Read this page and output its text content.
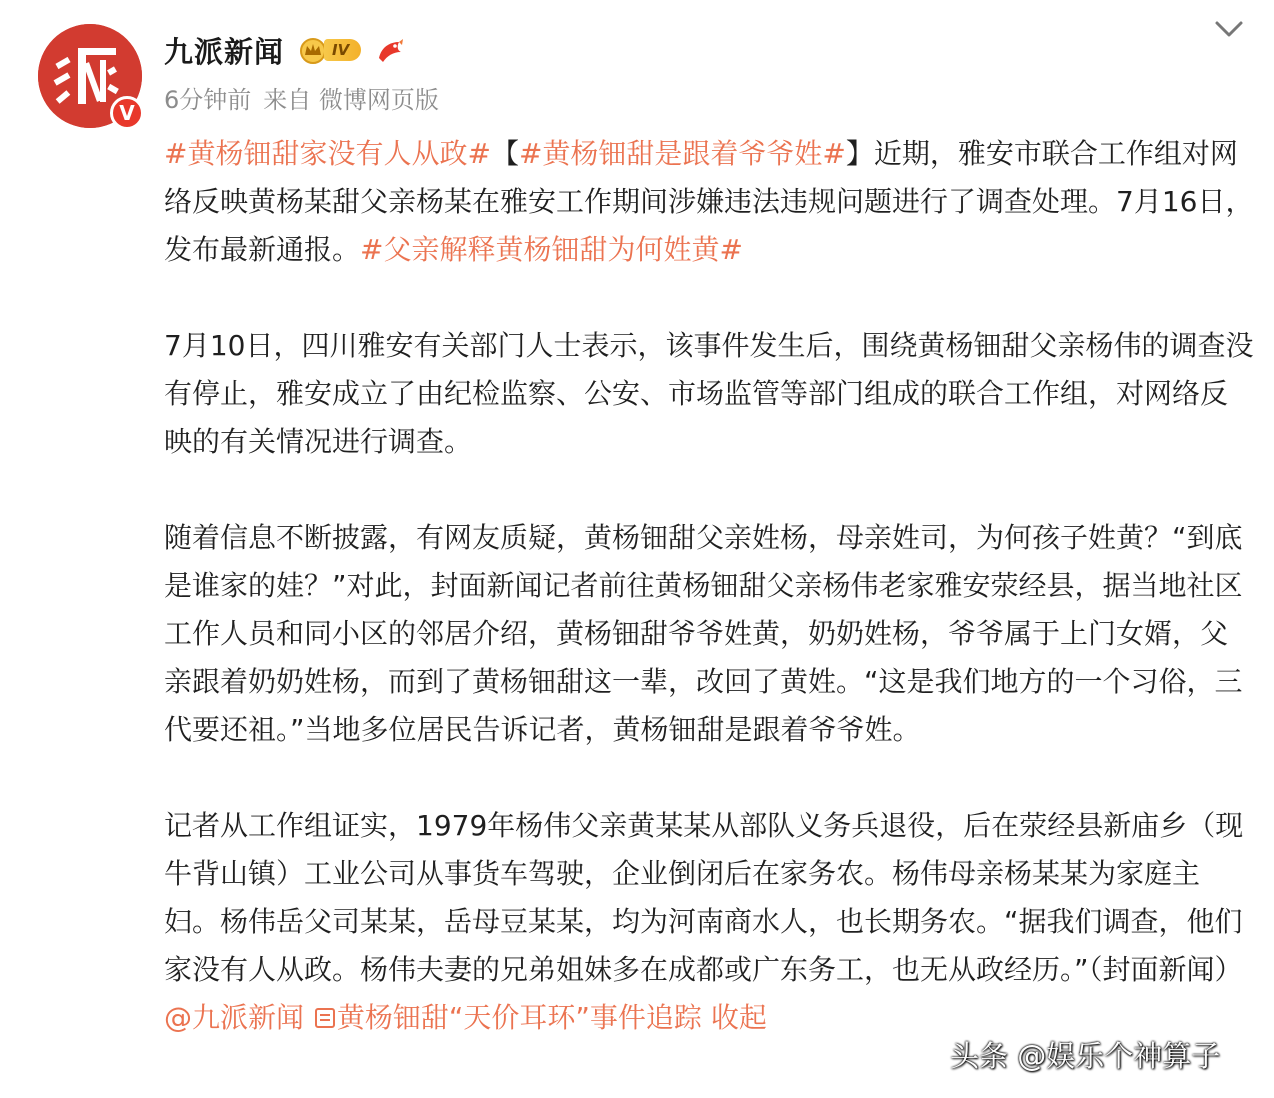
V
九派新闻	IV
6分钟前 来自 微博网页版

#黄杨钿甜家没有人从政#【#黄杨钿甜是跟着爷爷姓#】近期，雅安市联合工作组对网络反映黄杨某甜父亲杨某在雅安工作期间涉嫌违法违规问题进行了调查处理。7月16日，发布最新通报。#父亲解释黄杨钿甜为何姓黄#

7月10日，四川雅安有关部门人士表示，该事件发生后，围绕黄杨钿甜父亲杨伟的调查没有停止，雅安成立了由纪检监察、公安、市场监管等部门组成的联合工作组，对网络反映的有关情况进行调查。

随着信息不断披露，有网友质疑，黄杨钿甜父亲姓杨，母亲姓司，为何孩子姓黄？“到底是谁家的娃？”对此，封面新闻记者前往黄杨钿甜父亲杨伟老家雅安荥经县，据当地社区工作人员和同小区的邻居介绍，黄杨钿甜爷爷姓黄，奶奶姓杨，爷爷属于上门女婿，父亲跟着奶奶姓杨，而到了黄杨钿甜这一辈，改回了黄姓。“这是我们地方的一个习俗，三代要还祖。”当地多位居民告诉记者，黄杨钿甜是跟着爷爷姓。

记者从工作组证实，1979年杨伟父亲黄某某从部队义务兵退役，后在荥经县新庙乡（现牛背山镇）工业公司从事货车驾驶，企业倒闭后在家务农。杨伟母亲杨某某为家庭主妇。杨伟岳父司某某，岳母豆某某，均为河南商水人，也长期务农。“据我们调查，他们家没有人从政。杨伟夫妻的兄弟姐妹多在成都或广东务工，也无从政经历。”（封面新闻）@九派新闻 黄杨钿甜“天价耳环”事件追踪 收起

头条 @娱乐个神算子
